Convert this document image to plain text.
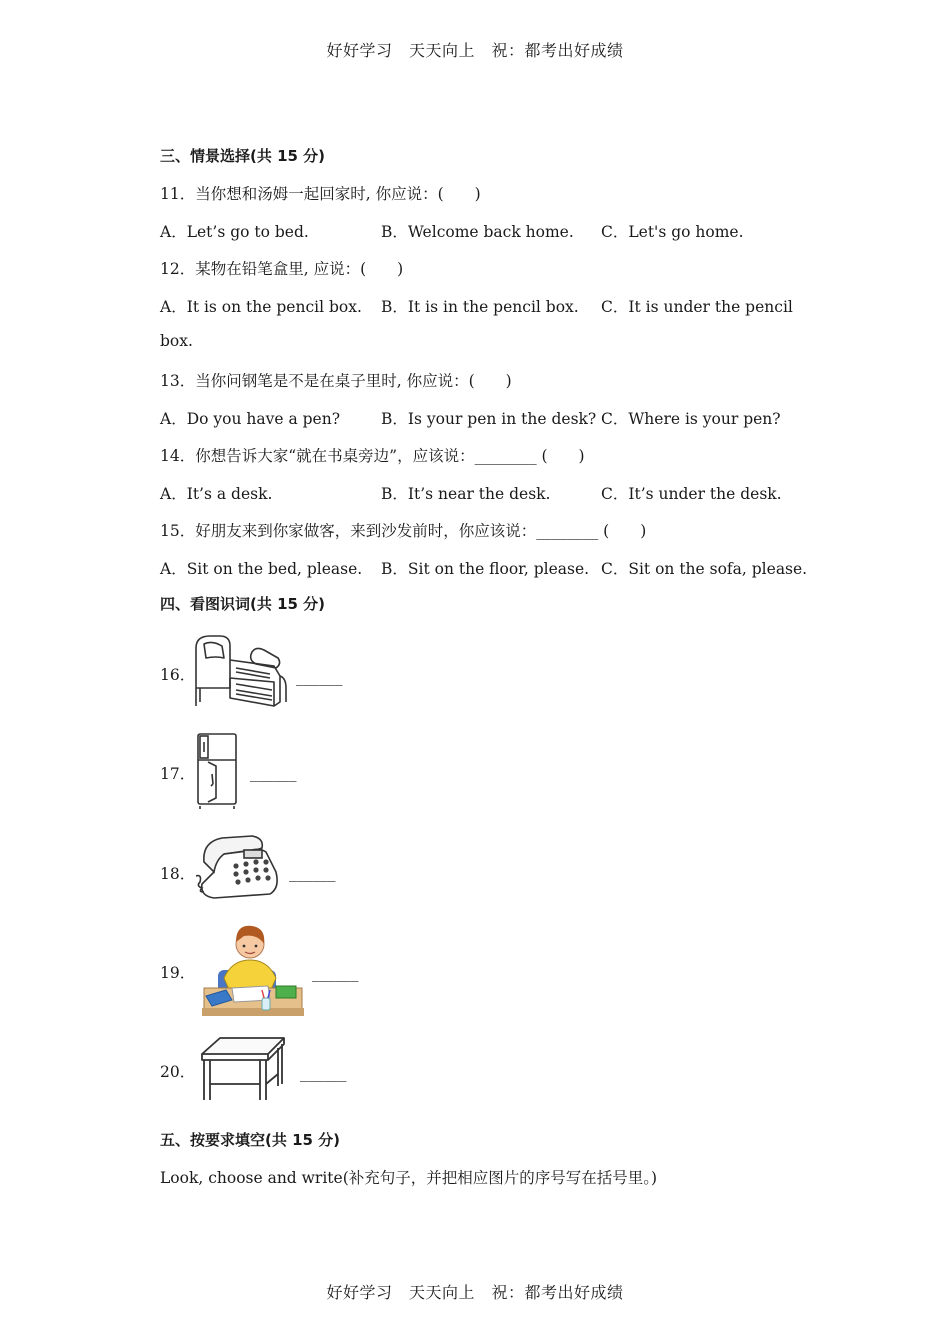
好好学习　天天向上　祝：都考出好成绩
三、情景选择(共 15 分)
11．当你想和汤姆一起回家时, 你应说：(　　)
A．Let’s go to bed.	B．Welcome back home. C．Let's go home.
12．某物在铅笔盒里, 应说：(　　)
A．It is on the pencil box. B．It is in the pencil box. C．It is under the pencil
box.
13．当你问钢笔是不是在桌子里时, 你应说：(　　)
A．Do you have a pen?	B．Is your pen in the desk? C．Where is your pen?
14．你想告诉大家“就在书桌旁边”，应该说：________ (　　)
A．It’s a desk.	B．It’s near the desk.	C．It’s under the desk.
15．好朋友来到你家做客，来到沙发前时，你应该说：________ (　　)
A．Sit on the bed, please. B．Sit on the floor, please. C．Sit on the sofa, please.
四、看图识词(共 15 分)
16．	______
17．	______
18．	______
19．	______
20．	______
五、按要求填空(共 15 分)
Look, choose and write(补充句子，并把相应图片的序号写在括号里。)
好好学习　天天向上　祝：都考出好成绩
